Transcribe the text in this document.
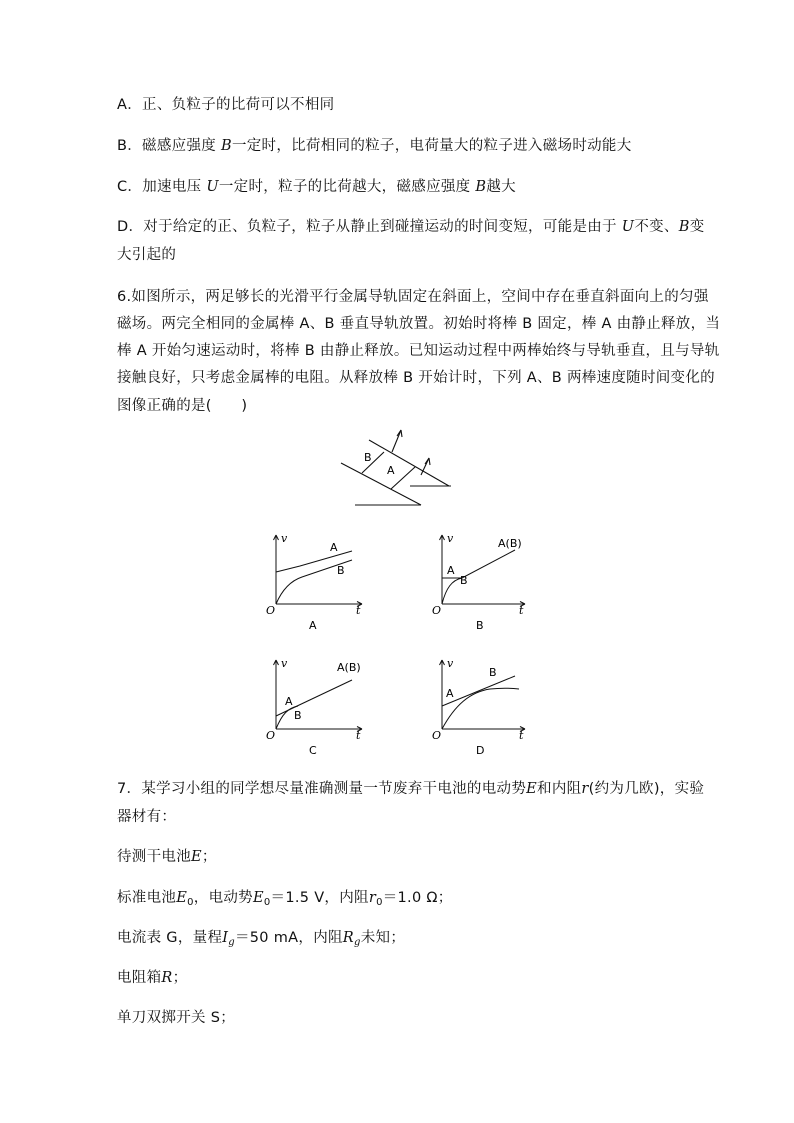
A．正、负粒子的比荷可以不相同
B．磁感应强度 B一定时，比荷相同的粒子，电荷量大的粒子进入磁场时动能大
C．加速电压 U一定时，粒子的比荷越大，磁感应强度 B越大
D．对于给定的正、负粒子，粒子从静止到碰撞运动的时间变短，可能是由于 U不变、B变
大引起的
6.如图所示，两足够长的光滑平行金属导轨固定在斜面上，空间中存在垂直斜面向上的匀强
磁场。两完全相同的金属棒 A、B 垂直导轨放置。初始时将棒 B 固定，棒 A 由静止释放，当
棒 A 开始匀速运动时，将棒 B 由静止释放。已知运动过程中两棒始终与导轨垂直，且与导轨
接触良好，只考虑金属棒的电阻。从释放棒 B 开始计时，下列 A、B 两棒速度随时间变化的
图像正确的是(　　)
B
A
v
t
O
A
B
A
v
t
O
A(B)
A
B
B
v
t
O
A(B)
A
B
C
v
t
O
B
A
D
7．某学习小组的同学想尽量准确测量一节废弃干电池的电动势E和内阻r(约为几欧)，实验
器材有：
待测干电池E；
标准电池$E_0$，电动势$E_0=1.5$ V，内阻$r_0=1.0$ Ω；
电流表 G，量程$I_g=50$ mA，内阻$R_g$未知；
电阻箱R；
单刀双掷开关 S；
